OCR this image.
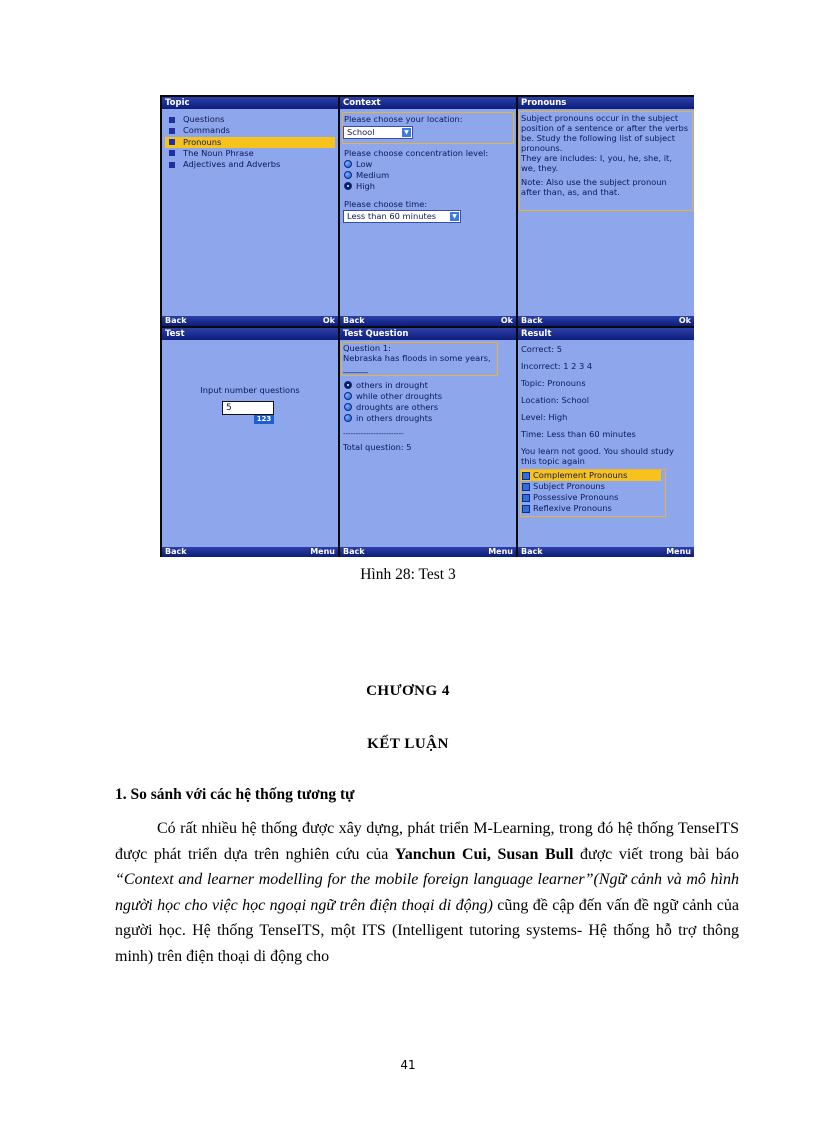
Topic
Questions
Commands
Pronouns
The Noun Phrase
Adjectives and Adverbs
Back	Ok
Context
Please choose your location:
School	▼
Please choose concentration level:
Low
Medium
High
Please choose time:
Less than 60 minutes	▼
Back	Ok
Pronouns
Subject pronouns occur in the subject
position of a sentence or after the verbs
be. Study the following list of subject
pronouns.
They are includes: I, you, he, she, it,
we, they.
Note: Also use the subject pronoun
after than, as, and that.
Back	Ok
Test
Input number questions
5
123
Back	Menu
Test Question
Question 1:
Nebraska has floods in some years,
______
others in drought
while other droughts
droughts are others
in others droughts
------------------------
Total question: 5
Back	Menu
Result
Correct: 5
Incorrect: 1 2 3 4
Topic: Pronouns
Location: School
Level: High
Time: Less than 60 minutes
You learn not good. You should study
this topic again
Complement Pronouns
Subject Pronouns
Possessive Pronouns
Reflexive Pronouns
Back	Menu
Hình 28: Test 3
CHƯƠNG 4
KẾT LUẬN
1. So sánh với các hệ thống tương tự
Có rất nhiều hệ thống được xây dựng, phát triển M-Learning, trong đó hệ thống TenseITS được phát triển dựa trên nghiên cứu của Yanchun Cui, Susan Bull được viết trong bài báo “Context and learner modelling for the mobile foreign language learner”(Ngữ cảnh và mô hình người học cho việc học ngoại ngữ trên điện thoại di động) cũng đề cập đến vấn đề ngữ cảnh của người học. Hệ thống TenseITS, một ITS (Intelligent tutoring systems- Hệ thống hỗ trợ thông minh) trên điện thoại di động cho
41
